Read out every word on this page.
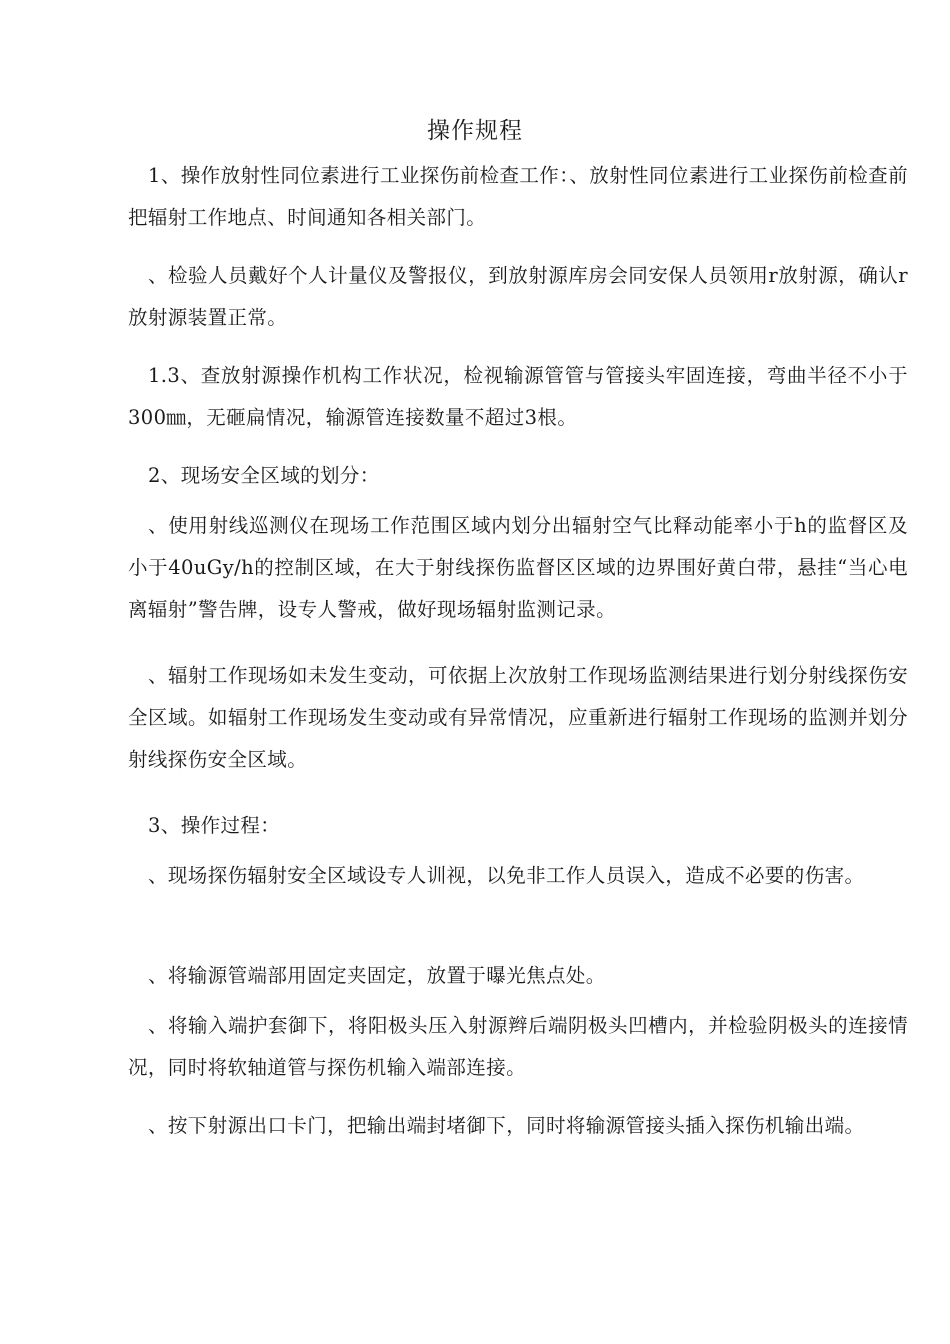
操作规程
1、操作放射性同位素进行工业探伤前检查工作：、放射性同位素进行工业探伤前检查前把辐射工作地点、时间通知各相关部门。
、检验人员戴好个人计量仪及警报仪，到放射源库房会同安保人员领用r放射源，确认r放射源装置正常。
1.3、查放射源操作机构工作状况，检视输源管管与管接头牢固连接，弯曲半径不小于300㎜，无砸扁情况，输源管连接数量不超过3根。
2、现场安全区域的划分：
、使用射线巡测仪在现场工作范围区域内划分出辐射空气比释动能率小于h的监督区及小于40uGy/h的控制区域，在大于射线探伤监督区区域的边界围好黄白带，悬挂“当心电离辐射”警告牌，设专人警戒，做好现场辐射监测记录。
、辐射工作现场如未发生变动，可依据上次放射工作现场监测结果进行划分射线探伤安全区域。如辐射工作现场发生变动或有异常情况，应重新进行辐射工作现场的监测并划分射线探伤安全区域。
3、操作过程：
、现场探伤辐射安全区域设专人训视，以免非工作人员误入，造成不必要的伤害。
、将输源管端部用固定夹固定，放置于曝光焦点处。
、将输入端护套御下，将阳极头压入射源辫后端阴极头凹槽内，并检验阴极头的连接情况，同时将软轴道管与探伤机输入端部连接。
、按下射源出口卡门，把输出端封堵御下，同时将输源管接头插入探伤机输出端。
